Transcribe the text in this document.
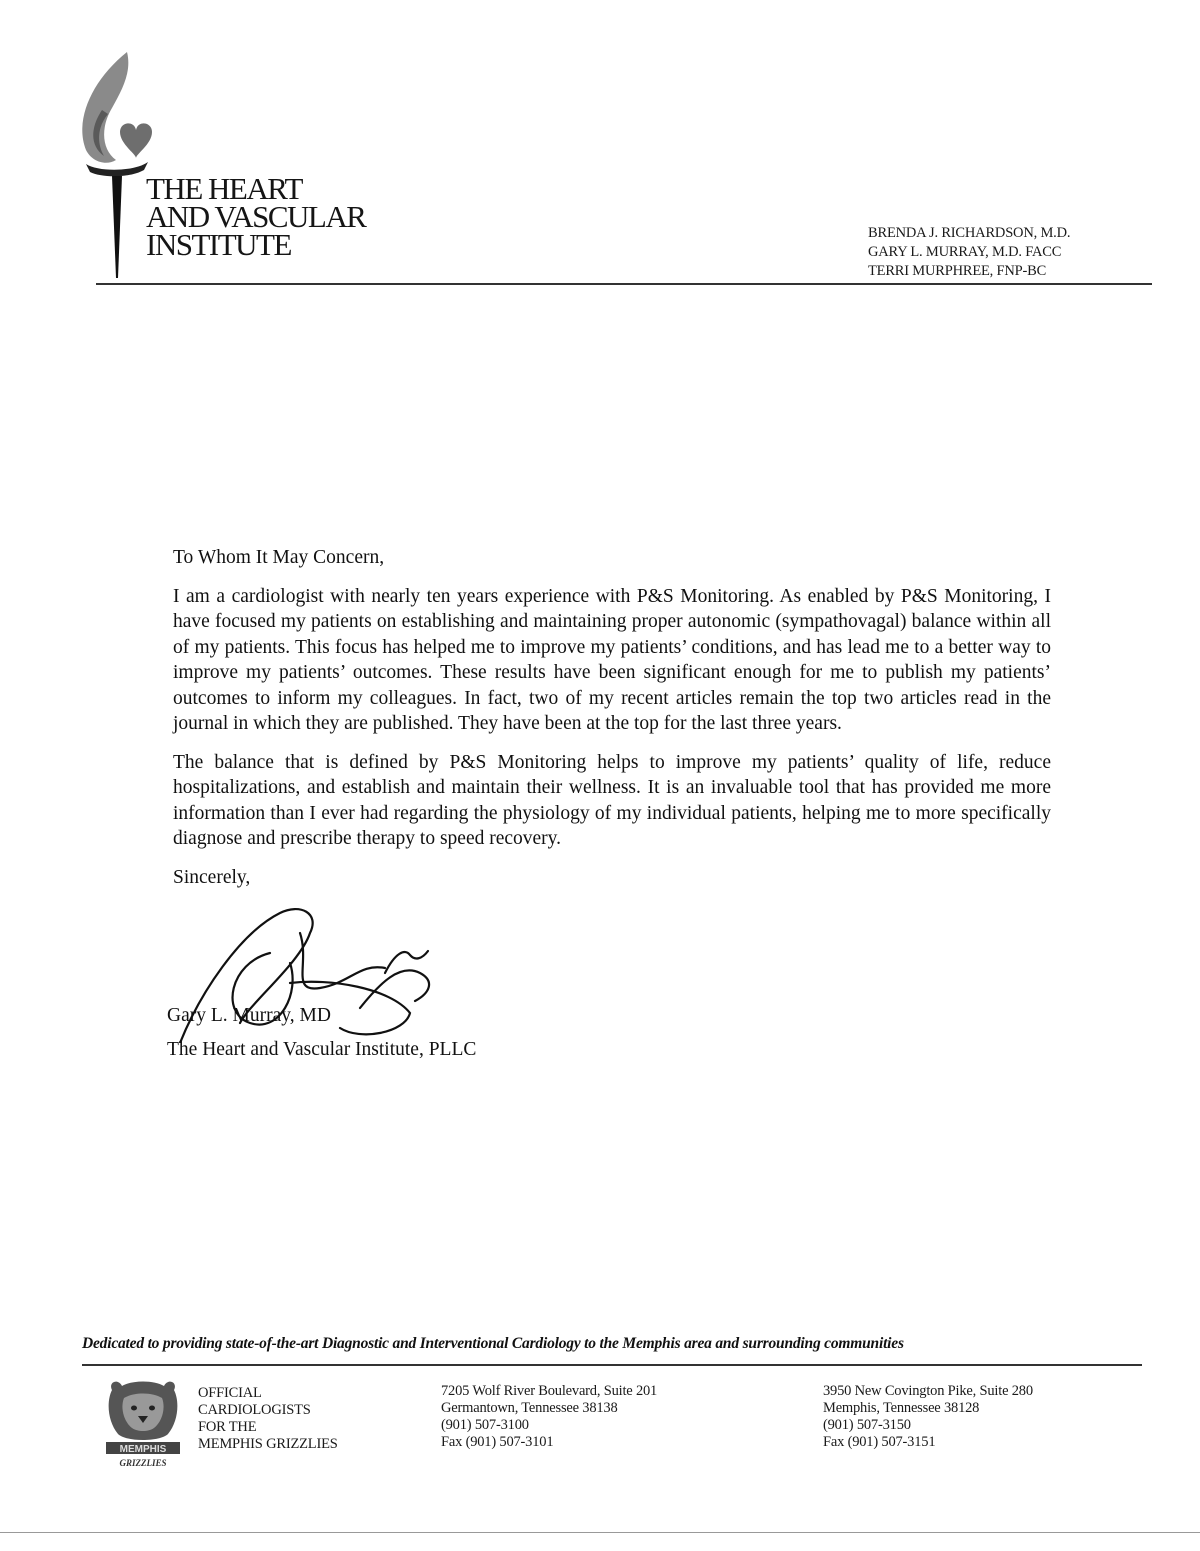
THE HEART
AND VASCULAR
INSTITUTE	BRENDA J. RICHARDSON, M.D.
GARY L. MURRAY, M.D. FACC
TERRI MURPHREE, FNP-BC

To Whom It May Concern,

I am a cardiologist with nearly ten years experience with P&S Monitoring. As enabled by P&S Monitoring, I have focused my patients on establishing and maintaining proper autonomic (sympathovagal) balance within all of my patients. This focus has helped me to improve my patients’ conditions, and has lead me to a better way to improve my patients’ outcomes. These results have been significant enough for me to publish my patients’ outcomes to inform my colleagues. In fact, two of my recent articles remain the top two articles read in the journal in which they are published. They have been at the top for the last three years.

The balance that is defined by P&S Monitoring helps to improve my patients’ quality of life, reduce hospitalizations, and establish and maintain their wellness. It is an invaluable tool that has provided me more information than I ever had regarding the physiology of my individual patients, helping me to more specifically diagnose and prescribe therapy to speed recovery.

Sincerely,

Gary L. Murray, MD
The Heart and Vascular Institute, PLLC
Dedicated to providing state-of-the-art Diagnostic and Interventional Cardiology to the Memphis area and surrounding communities
MEMPHIS
GRIZZLIES
OFFICIAL
CARDIOLOGISTS
FOR THE
MEMPHIS GRIZZLIES
7205 Wolf River Boulevard, Suite 201
Germantown, Tennessee 38138
(901) 507-3100
Fax (901) 507-3101
3950 New Covington Pike, Suite 280
Memphis, Tennessee 38128
(901) 507-3150
Fax (901) 507-3151
